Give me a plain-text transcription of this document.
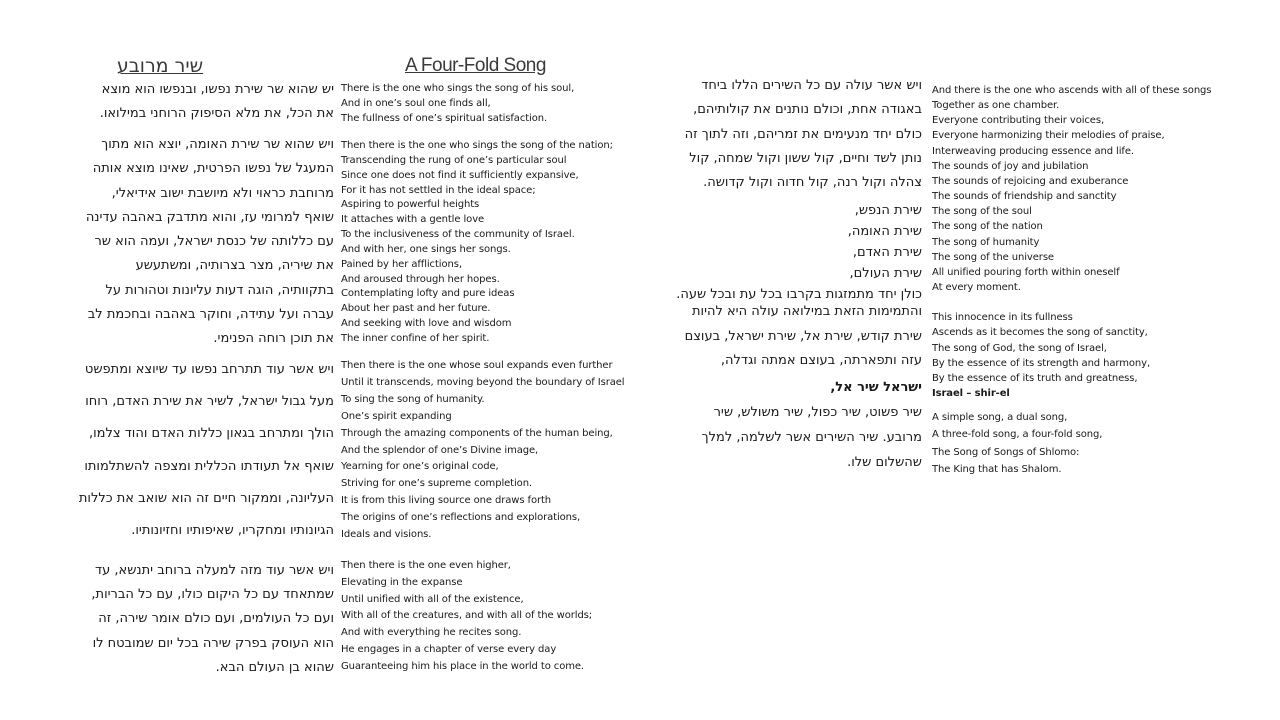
שיר מרובע	A Four-Fold Song
יש שהוא שר שירת נפשו, ובנפשו הוא מוצא
את הכל, את מלא הסיפוק הרוחני במילואו.
ויש שהוא שר שירת האומה, יוצא הוא מתוך
המעגל של נפשו הפרטית, שאינו מוצא אותה
מרוחבת כראוי ולא מיושבת ישוב אידיאלי,
שואף למרומי עז, והוא מתדבק באהבה עדינה
עם כללותה של כנסת ישראל, ועמה הוא שר
את שיריה, מצר בצרותיה, ומשתעשע
בתקוותיה, הוגה דעות עליונות וטהורות על
עברה ועל עתידה, וחוקר באהבה ובחכמת לב
את תוכן רוחה הפנימי.
ויש אשר עוד תתרחב נפשו עד שיוצא ומתפשט
מעל גבול ישראל, לשיר את שירת האדם, רוחו
הולך ומתרחב בגאון כללות האדם והוד צלמו,
שואף אל תעודתו הכללית ומצפה להשתלמותו
העליונה, וממקור חיים זה הוא שואב את כללות
הגיונותיו ומחקריו, שאיפותיו וחזיונותיו.
ויש אשר עוד מזה למעלה ברוחב יתנשא, עד
שמתאחד עם כל היקום כולו, עם כל הבריות,
ועם כל העולמים, ועם כולם אומר שירה, זה
הוא העוסק בפרק שירה בכל יום שמובטח לו
שהוא בן העולם הבא.
There is the one who sings the song of his soul,
And in one’s soul one finds all,
The fullness of one’s spiritual satisfaction.
Then there is the one who sings the song of the nation;
Transcending the rung of one’s particular soul
Since one does not find it sufficiently expansive,
For it has not settled in the ideal space;
Aspiring to powerful heights
It attaches with a gentle love
To the inclusiveness of the community of Israel.
And with her, one sings her songs.
Pained by her afflictions,
And aroused through her hopes.
Contemplating lofty and pure ideas
About her past and her future.
And seeking with love and wisdom
The inner confine of her spirit.
Then there is the one whose soul expands even further
Until it transcends, moving beyond the boundary of Israel
To sing the song of humanity.
One’s spirit expanding
Through the amazing components of the human being,
And the splendor of one’s Divine image,
Yearning for one’s original code,
Striving for one’s supreme completion.
It is from this living source one draws forth
The origins of one’s reflections and explorations,
Ideals and visions.
Then there is the one even higher,
Elevating in the expanse
Until unified with all of the existence,
With all of the creatures, and with all of the worlds;
And with everything he recites song.
He engages in a chapter of verse every day
Guaranteeing him his place in the world to come.
ויש אשר עולה עם כל השירים הללו ביחד
באגודה אחת, וכולם נותנים את קולותיהם,
כולם יחד מנעימים את זמריהם, וזה לתוך זה
נותן לשד וחיים, קול ששון וקול שמחה, קול
צהלה וקול רנה, קול חדוה וקול קדושה.
שירת הנפש,
שירת האומה,
שירת האדם,
שירת העולם,
כולן יחד מתמזגות בקרבו בכל עת ובכל שעה.
והתמימות הזאת במילואה עולה היא להיות
שירת קודש, שירת אל, שירת ישראל, בעוצם
עזה ותפארתה, בעוצם אמתה וגדלה,
ישראל שיר אל,
שיר פשוט, שיר כפול, שיר משולש, שיר
מרובע. שיר השירים אשר לשלמה, למלך
שהשלום שלו.
And there is the one who ascends with all of these songs
Together as one chamber.
Everyone contributing their voices,
Everyone harmonizing their melodies of praise,
Interweaving producing essence and life.
The sounds of joy and jubilation
The sounds of rejoicing and exuberance
The sounds of friendship and sanctity
The song of the soul
The song of the nation
The song of humanity
The song of the universe
All unified pouring forth within oneself
At every moment.
This innocence in its fullness
Ascends as it becomes the song of sanctity,
The song of God, the song of Israel,
By the essence of its strength and harmony,
By the essence of its truth and greatness,
Israel – shir-el
A simple song, a dual song,
A three-fold song, a four-fold song,
The Song of Songs of Shlomo:
The King that has Shalom.
